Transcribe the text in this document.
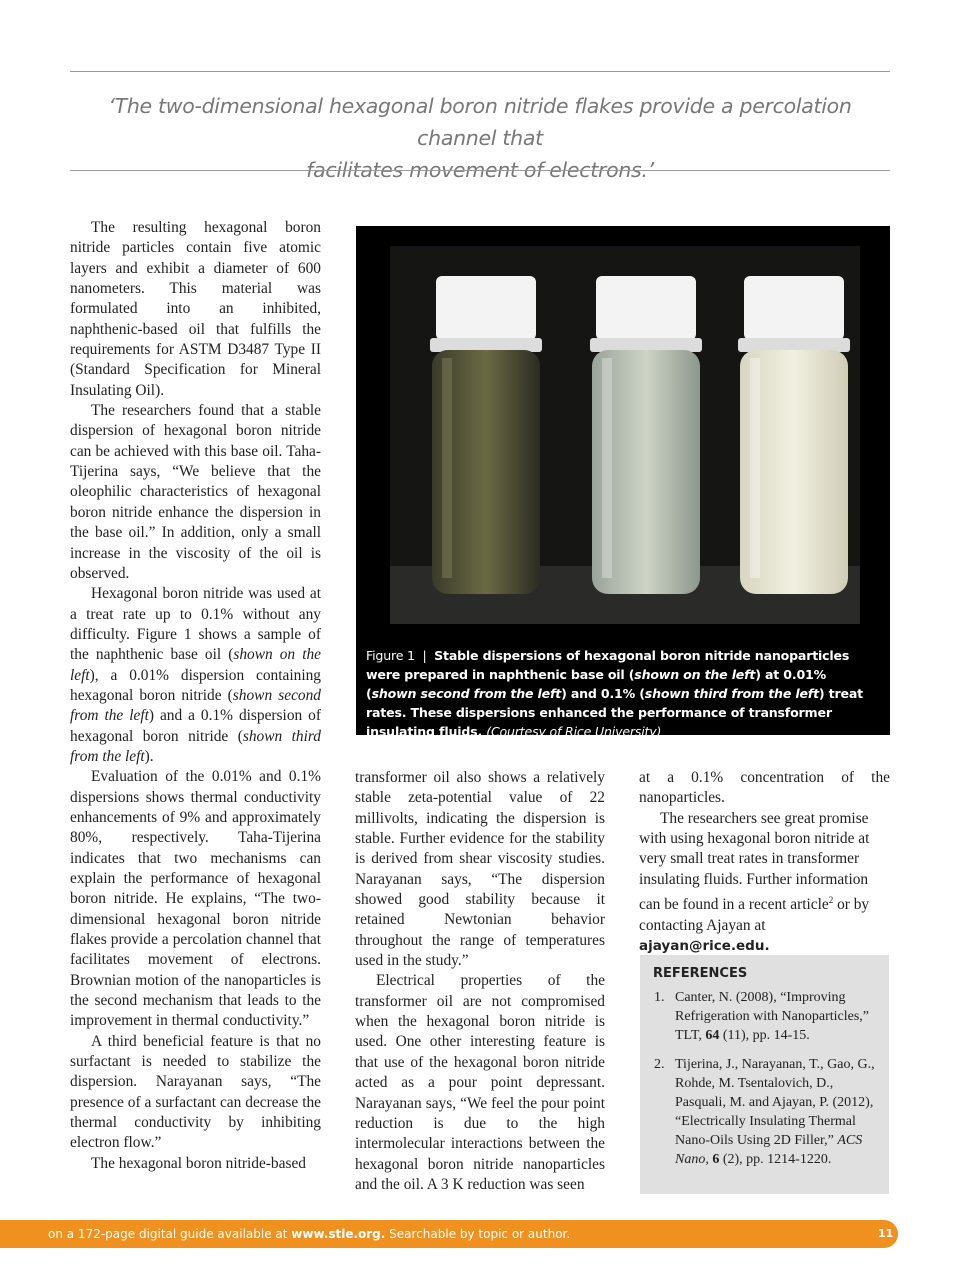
‘The two-dimensional hexagonal boron nitride flakes provide a percolation channel that
facilitates movement of electrons.’

The resulting hexagonal boron nitride particles contain five atomic layers and exhibit a diameter of 600 nanometers. This material was formulated into an inhibited, naphthenic-based oil that fulfills the requirements for ASTM D3487 Type II (Standard Specification for Mineral Insulating Oil).

The researchers found that a stable dispersion of hexagonal boron nitride can be achieved with this base oil. Taha-Tijerina says, “We believe that the oleophilic characteristics of hexagonal boron nitride enhance the dispersion in the base oil.” In addition, only a small increase in the viscosity of the oil is observed.

Hexagonal boron nitride was used at a treat rate up to 0.1% without any difficulty. Figure 1 shows a sample of the naphthenic base oil (shown on the left), a 0.01% dispersion containing hexagonal boron nitride (shown second from the left) and a 0.1% dispersion of hexagonal boron nitride (shown third from the left).

Evaluation of the 0.01% and 0.1% dispersions shows thermal conductivity enhancements of 9% and approximately 80%, respectively. Taha-Tijerina indicates that two mechanisms can explain the performance of hexagonal boron nitride. He explains, “The two-dimensional hexagonal boron nitride flakes provide a percolation channel that facilitates movement of electrons. Brownian motion of the nanoparticles is the second mechanism that leads to the improvement in thermal conductivity.”

A third beneficial feature is that no surfactant is needed to stabilize the dispersion. Narayanan says, “The presence of a surfactant can decrease the thermal conductivity by inhibiting electron flow.”

The hexagonal boron nitride-based

Figure 1  |  Stable dispersions of hexagonal boron nitride nanoparticles were prepared in naphthenic base oil (shown on the left) at 0.01% (shown second from the left) and 0.1% (shown third from the left) treat rates. These dispersions enhanced the performance of transformer insulating fluids. (Courtesy of Rice University)

transformer oil also shows a relatively stable zeta-potential value of 22 millivolts, indicating the dispersion is stable. Further evidence for the stability is derived from shear viscosity studies. Narayanan says, “The dispersion showed good stability because it retained Newtonian behavior throughout the range of temperatures used in the study.”

Electrical properties of the transformer oil are not compromised when the hexagonal boron nitride is used. One other interesting feature is that use of the hexagonal boron nitride acted as a pour point depressant. Narayanan says, “We feel the pour point reduction is due to the high intermolecular interactions between the hexagonal boron nitride nanoparticles and the oil. A 3 K reduction was seen

at a 0.1% concentration of the nanoparticles.

The researchers see great promise with using hexagonal boron nitride at very small treat rates in transformer insulating fluids. Further information can be found in a recent article$^2$ or by contacting Ajayan at ajayan@rice.edu.

REFERENCES
1. Canter, N. (2008), “Improving Refrigeration with Nanoparticles,” TLT, 64 (11), pp. 14-15.
2. Tijerina, J., Narayanan, T., Gao, G., Rohde, M. Tsentalovich, D., Pasquali, M. and Ajayan, P. (2012), “Electrically Insulating Thermal Nano-Oils Using 2D Filler,” ACS Nano, 6 (2), pp. 1214-1220.
on a 172-page digital guide available at www.stle.org. Searchable by topic or author.	11
